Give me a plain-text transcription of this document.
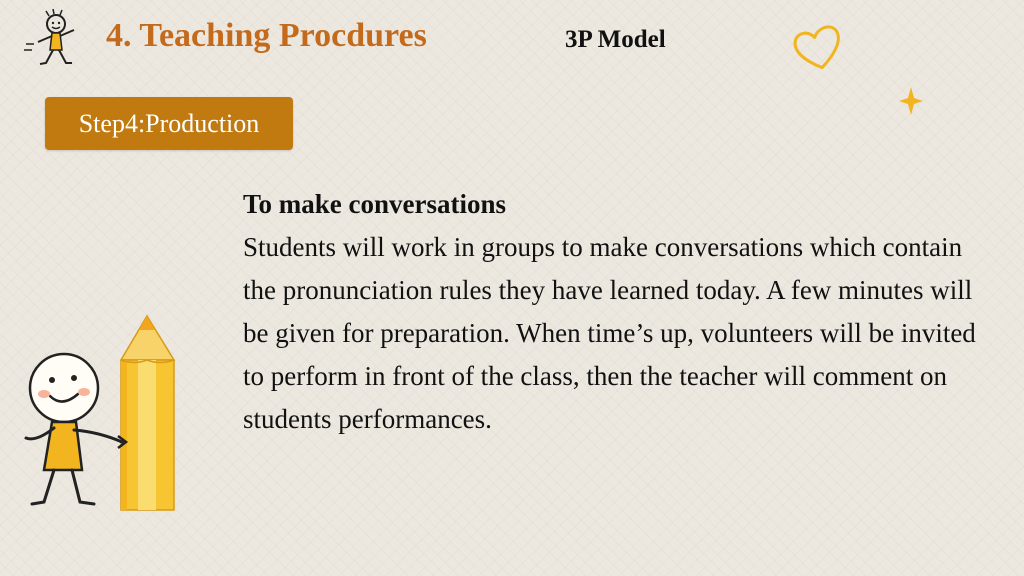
4. Teaching Procdures	3P Model
Step4:Production
To make conversations
Students will work in groups to make conversations which contain the pronunciation rules they have learned today. A few minutes will be given for preparation. When time’s up, volunteers will be invited to perform in front of the class, then the teacher will comment on students performances.
